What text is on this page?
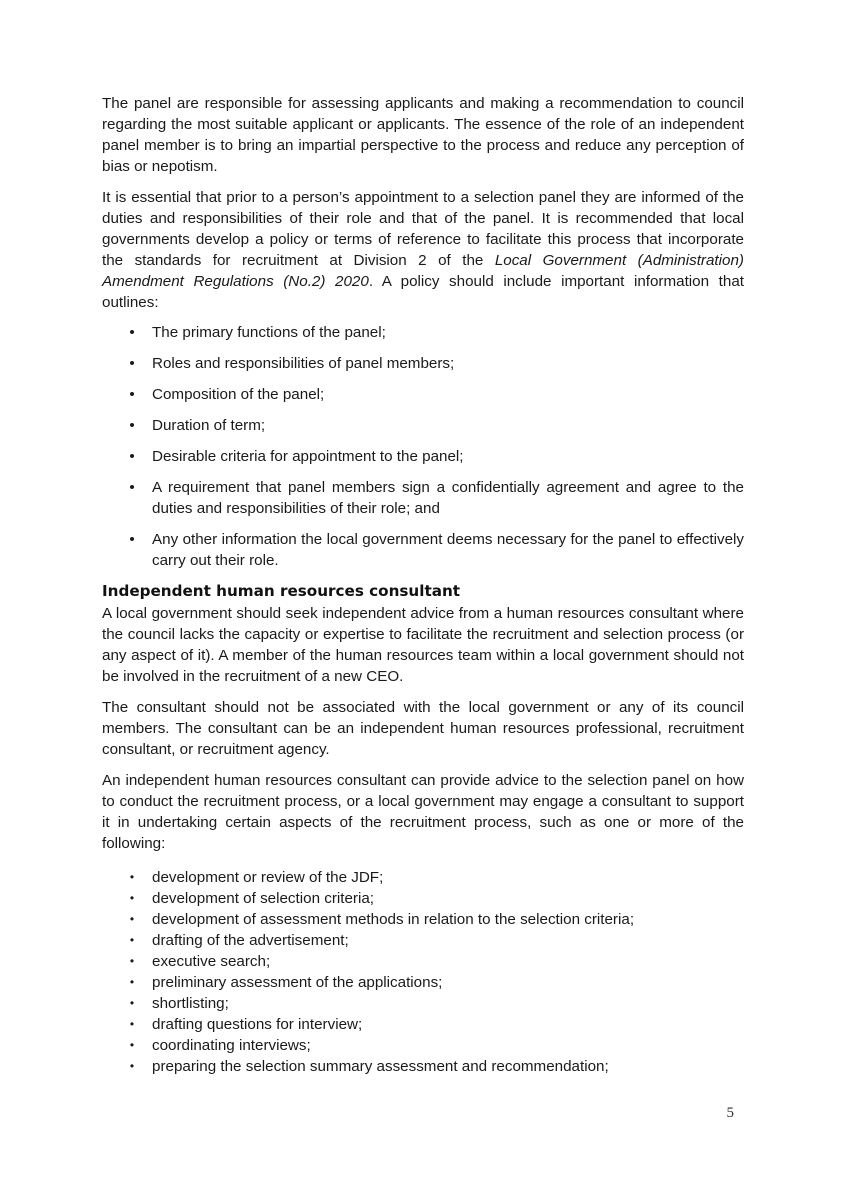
The panel are responsible for assessing applicants and making a recommendation to council regarding the most suitable applicant or applicants. The essence of the role of an independent panel member is to bring an impartial perspective to the process and reduce any perception of bias or nepotism.

It is essential that prior to a person’s appointment to a selection panel they are informed of the duties and responsibilities of their role and that of the panel. It is recommended that local governments develop a policy or terms of reference to facilitate this process that incorporate the standards for recruitment at Division 2 of the Local Government (Administration) Amendment Regulations (No.2) 2020. A policy should include important information that outlines:

• The primary functions of the panel;
• Roles and responsibilities of panel members;
• Composition of the panel;
• Duration of term;
• Desirable criteria for appointment to the panel;
• A requirement that panel members sign a confidentially agreement and agree to the duties and responsibilities of their role; and
• Any other information the local government deems necessary for the panel to effectively carry out their role.
Independent human resources consultant

A local government should seek independent advice from a human resources consultant where the council lacks the capacity or expertise to facilitate the recruitment and selection process (or any aspect of it). A member of the human resources team within a local government should not be involved in the recruitment of a new CEO.

The consultant should not be associated with the local government or any of its council members. The consultant can be an independent human resources professional, recruitment consultant, or recruitment agency.

An independent human resources consultant can provide advice to the selection panel on how to conduct the recruitment process, or a local government may engage a consultant to support it in undertaking certain aspects of the recruitment process, such as one or more of the following:

•	development or review of the JDF;
•	development of selection criteria;
•	development of assessment methods in relation to the selection criteria;
•	drafting of the advertisement;
•	executive search;
•	preliminary assessment of the applications;
•	shortlisting;
•	drafting questions for interview;
•	coordinating interviews;
•	preparing the selection summary assessment and recommendation;
5
